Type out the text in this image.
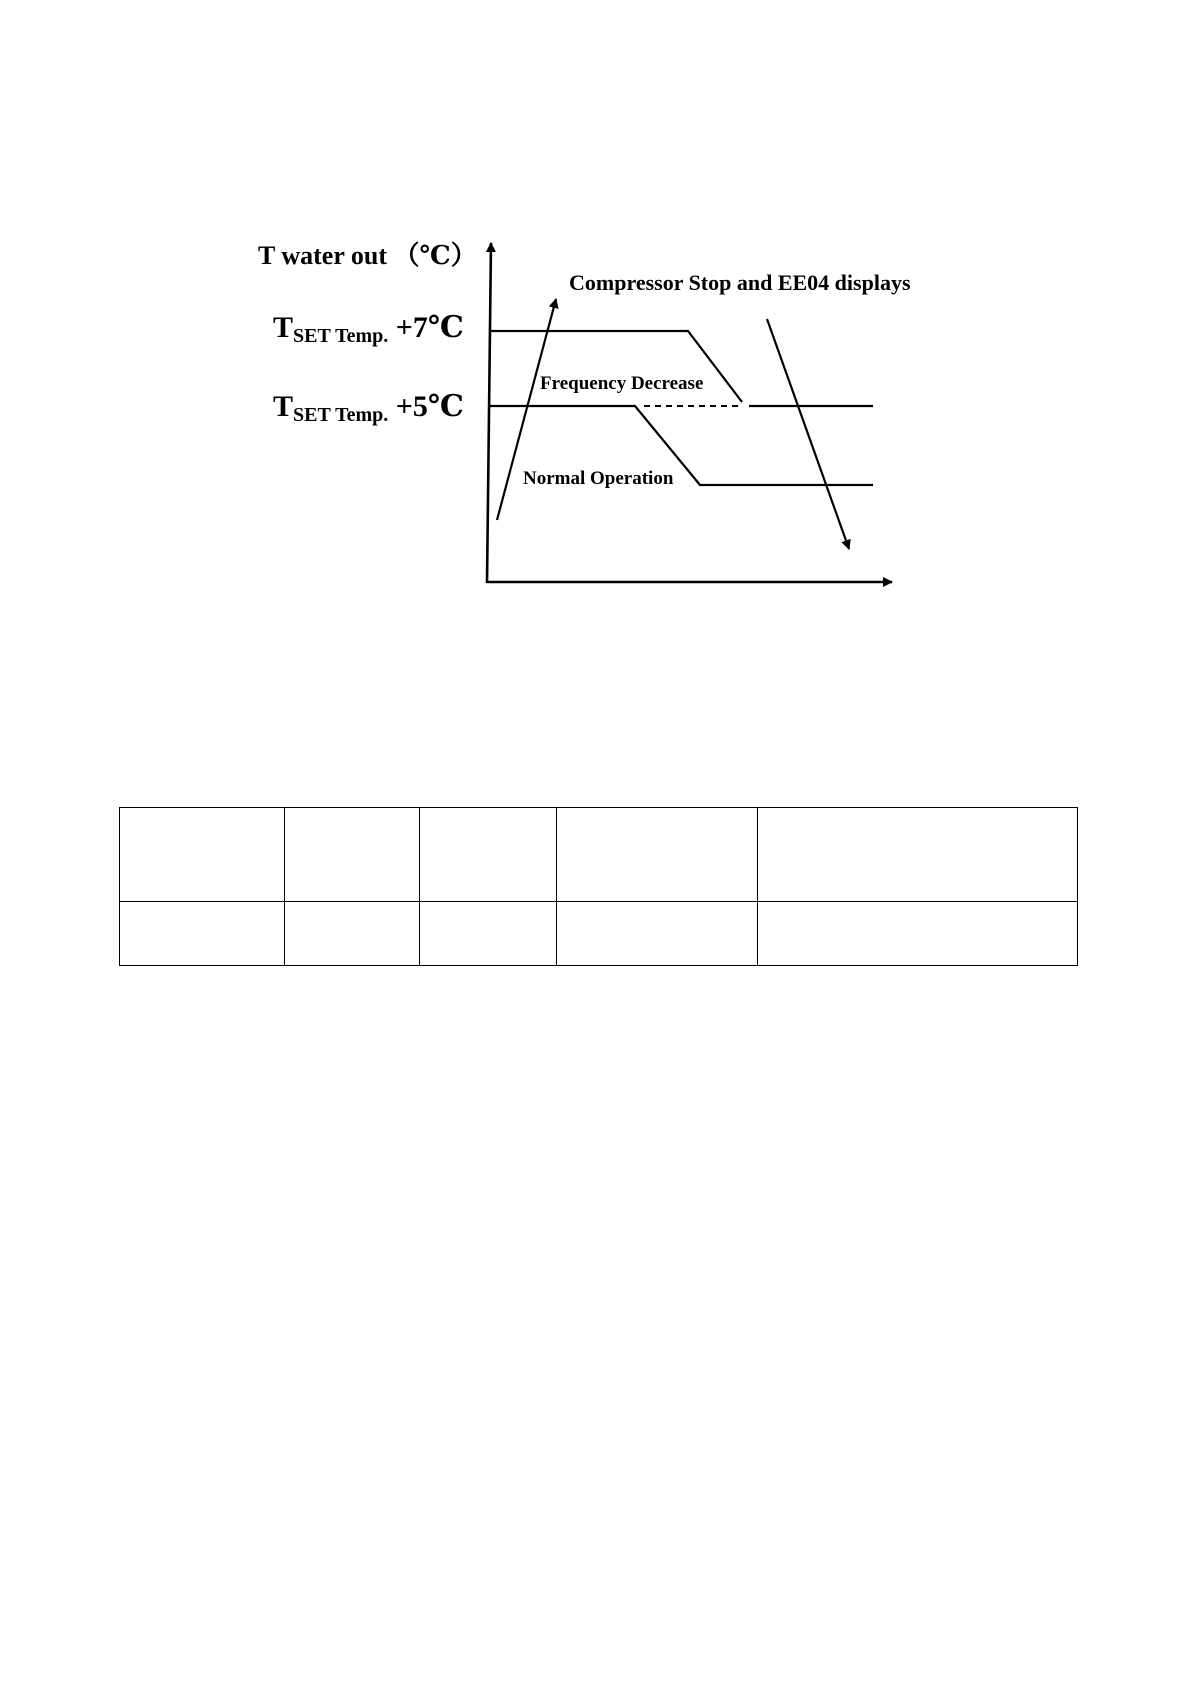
T water out （℃）
TSET Temp. +7℃
TSET Temp. +5℃
Compressor Stop and EE04 displays
Frequency Decrease
Normal Operation
